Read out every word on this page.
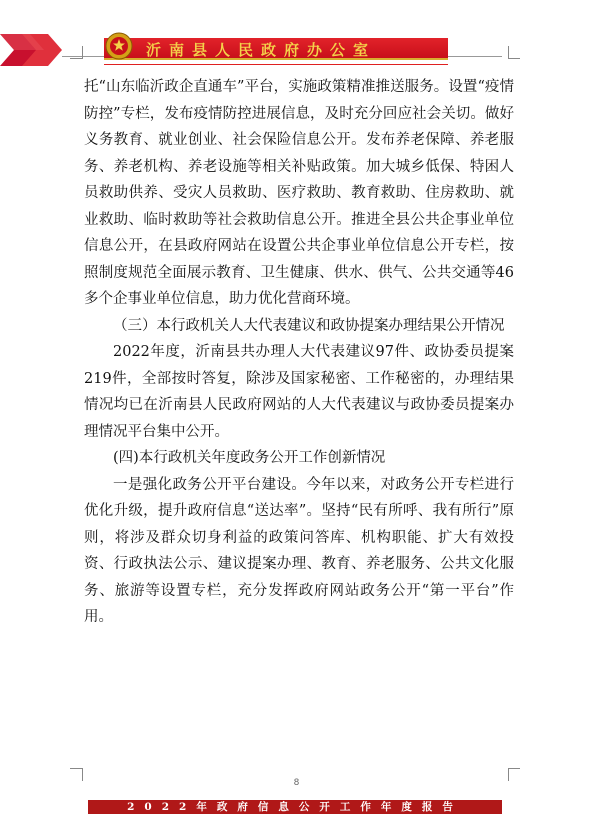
沂南县人民政府办公室

托“山东临沂政企直通车”平台，实施政策精准推送服务。设置“疫情防控”专栏，发布疫情防控进展信息，及时充分回应社会关切。做好义务教育、就业创业、社会保险信息公开。发布养老保障、养老服务、养老机构、养老设施等相关补贴政策。加大城乡低保、特困人员救助供养、受灾人员救助、医疗救助、教育救助、住房救助、就业救助、临时救助等社会救助信息公开。推进全县公共企事业单位信息公开，在县政府网站在设置公共企事业单位信息公开专栏，按照制度规范全面展示教育、卫生健康、供水、供气、公共交通等46多个企事业单位信息，助力优化营商环境。

（三）本行政机关人大代表建议和政协提案办理结果公开情况

2022年度，沂南县共办理人大代表建议97件、政协委员提案219件，全部按时答复，除涉及国家秘密、工作秘密的，办理结果情况均已在沂南县人民政府网站的人大代表建议与政协委员提案办理情况平台集中公开。

(四)本行政机关年度政务公开工作创新情况

一是强化政务公开平台建设。今年以来，对政务公开专栏进行优化升级，提升政府信息“送达率”。坚持“民有所呼、我有所行”原则，将涉及群众切身利益的政策问答库、机构职能、扩大有效投资、行政执法公示、建议提案办理、教育、养老服务、公共文化服务、旅游等设置专栏，充分发挥政府网站政务公开“第一平台”作用。

8
2022年政府信息公开工作年度报告
